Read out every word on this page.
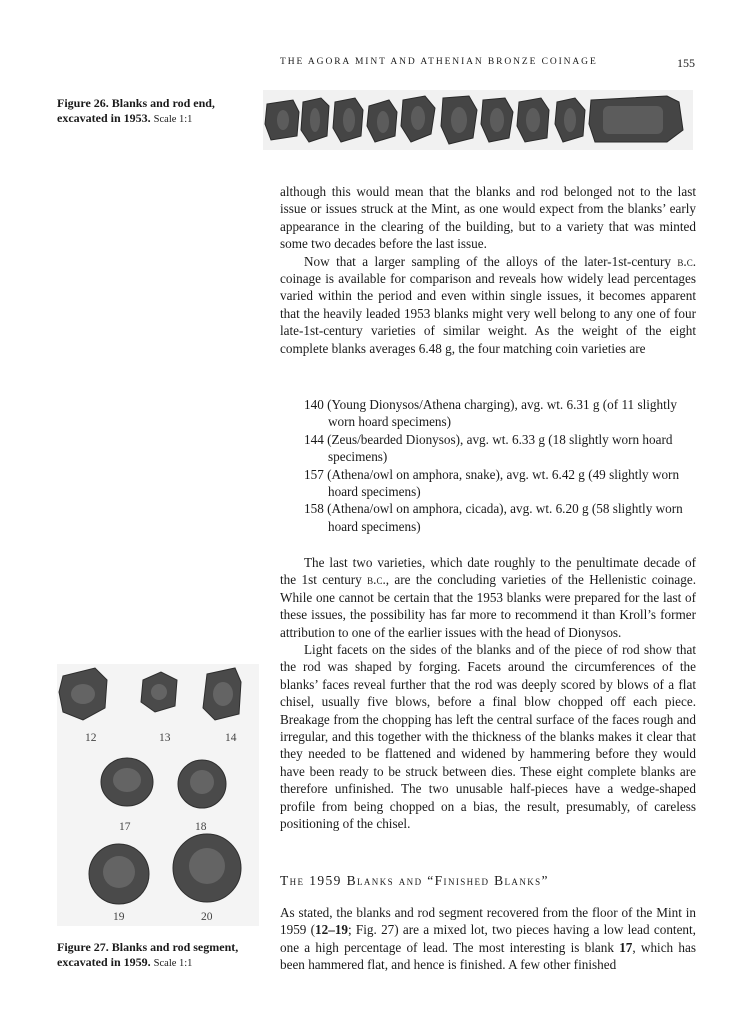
THE AGORA MINT AND ATHENIAN BRONZE COINAGE	155
Figure 26. Blanks and rod end, excavated in 1953. Scale 1:1

although this would mean that the blanks and rod belonged not to the last issue or issues struck at the Mint, as one would expect from the blanks’ early appearance in the clearing of the building, but to a variety that was minted some two decades before the last issue.

Now that a larger sampling of the alloys of the later-1st-century b.c. coinage is available for comparison and reveals how widely lead percentages varied within the period and even within single issues, it becomes apparent that the heavily leaded 1953 blanks might very well belong to any one of four late-1st-century varieties of similar weight. As the weight of the eight complete blanks averages 6.48 g, the four matching coin varieties are

140 (Young Dionysos/Athena charging), avg. wt. 6.31 g (of 11 slightly worn hoard specimens)
144 (Zeus/bearded Dionysos), avg. wt. 6.33 g (18 slightly worn hoard specimens)
157 (Athena/owl on amphora, snake), avg. wt. 6.42 g (49 slightly worn hoard specimens)
158 (Athena/owl on amphora, cicada), avg. wt. 6.20 g (58 slightly worn hoard specimens)

The last two varieties, which date roughly to the penultimate decade of the 1st century b.c., are the concluding varieties of the Hellenistic coinage. While one cannot be certain that the 1953 blanks were prepared for the last of these issues, the possibility has far more to recommend it than Kroll’s former attribution to one of the earlier issues with the head of Dionysos.

Light facets on the sides of the blanks and of the piece of rod show that the rod was shaped by forging. Facets around the circumferences of the blanks’ faces reveal further that the rod was deeply scored by blows of a flat chisel, usually five blows, before a final blow chopped off each piece. Breakage from the chopping has left the central surface of the faces rough and irregular, and this together with the thickness of the blanks makes it clear that they needed to be flattened and widened by hammering before they would have been ready to be struck between dies. These eight complete blanks are therefore unfinished. The two unusable half-pieces have a wedge-shaped profile from being chopped on a bias, the result, presumably, of careless positioning of the chisel.

The 1959 Blanks and “Finished Blanks”

As stated, the blanks and rod segment recovered from the floor of the Mint in 1959 (12–19; Fig. 27) are a mixed lot, two pieces having a low lead content, one a high percentage of lead. The most interesting is blank 17, which has been hammered flat, and hence is finished. A few other finished

12	13	14
17	18
19	20
Figure 27. Blanks and rod segment, excavated in 1959. Scale 1:1
